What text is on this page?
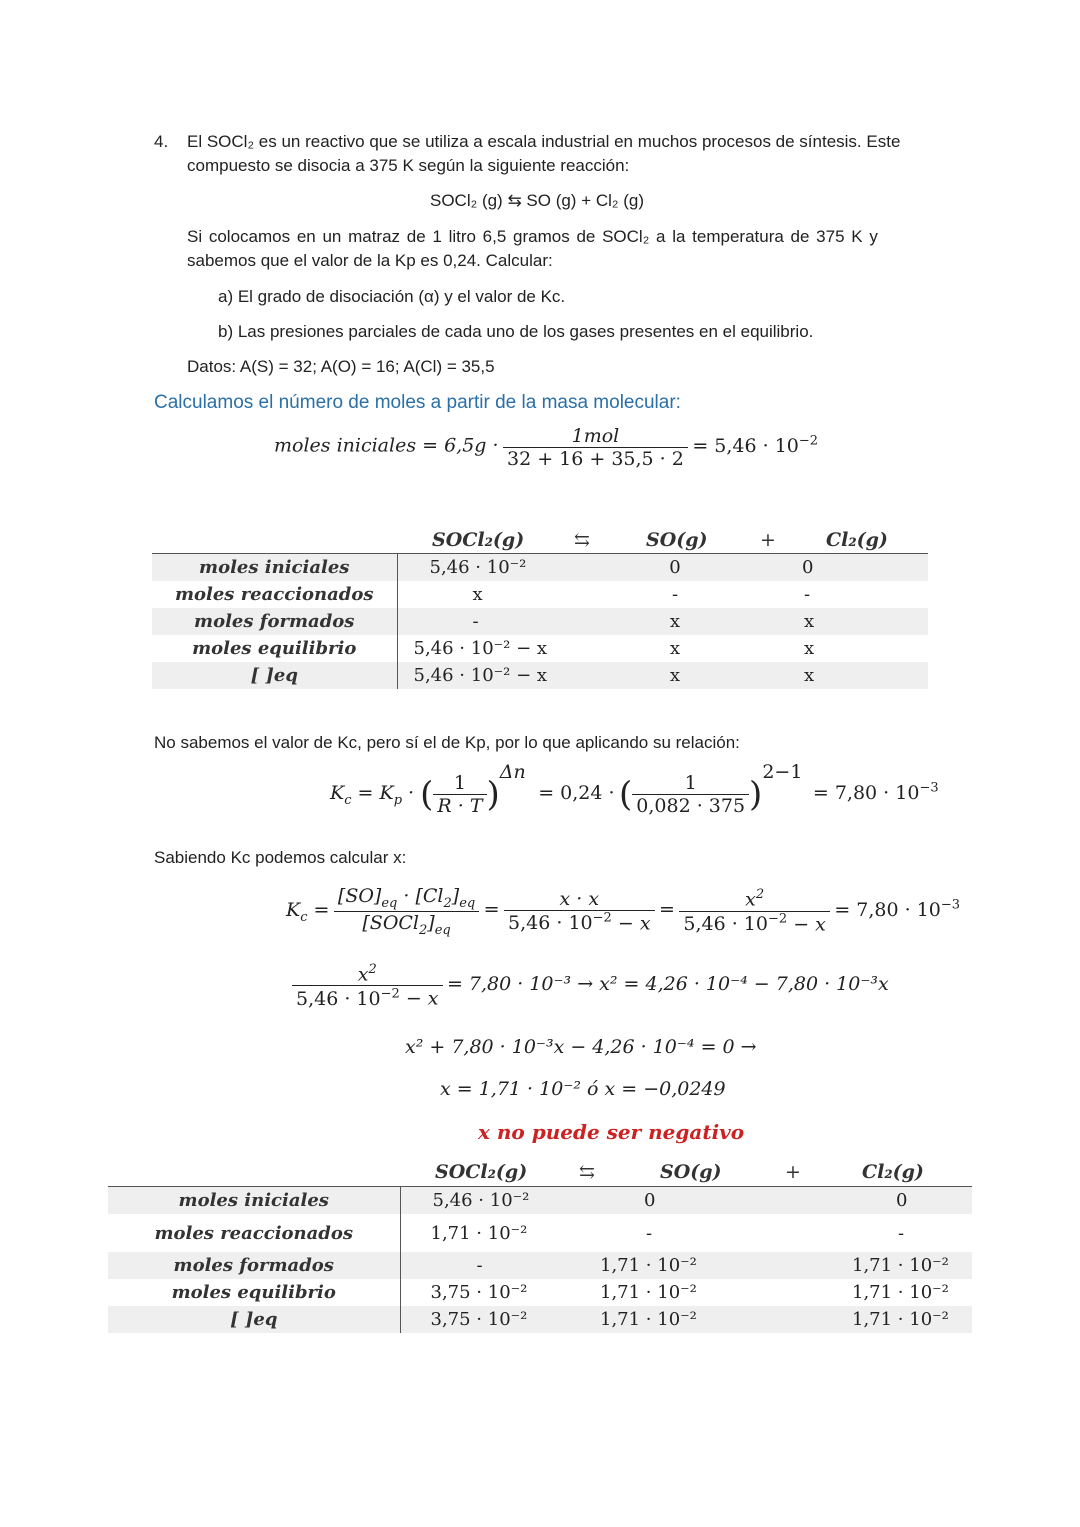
4. El SOCl₂ es un reactivo que se utiliza a escala industrial en muchos procesos de síntesis. Este
compuesto se disocia a 375 K según la siguiente reacción:
SOCl₂ (g) ⇆ SO (g) + Cl₂ (g)
Si colocamos en un matraz de 1 litro 6,5 gramos de SOCl₂ a la temperatura de 375 K y
sabemos que el valor de la Kp es 0,24. Calcular:
a) El grado de disociación (α) y el valor de Kc.
b) Las presiones parciales de cada uno de los gases presentes en el equilibrio.
Datos: A(S) = 32; A(O) = 16; A(Cl) = 35,5
Calculamos el número de moles a partir de la masa molecular:
moles iniciales = $6,5g \cdot \frac{\text{1mol}}{32 + 16 + 35,5 \cdot 2} = 5,46 \cdot 10^{-2}$
SOCl₂(g)	⇆	SO(g)	+	Cl₂(g)
moles iniciales	5,46 · 10⁻²	0	0
moles reaccionados	x	-	-
moles formados	-	x	x
moles equilibrio	5,46 · 10⁻² − x	x	x
[ ]eq	5,46 · 10⁻² − x	x	x
No sabemos el valor de Kc, pero sí el de Kp, por lo que aplicando su relación:
$K_c = K_p$ · ( $\frac{1}{R \cdot T} )^{\Delta n} = 0,24$ · ( $\frac{1}{0,082 \cdot 375} )^{2-1} = 7,80 \cdot 10^{-3}$
Sabiendo Kc podemos calcular x:
$K_c = \frac{[SO]_{eq} \cdot [Cl_2]_{eq}}{[SOCl_2]_{eq}} = \frac{x \cdot x}{5,46 \cdot 10^{-2} - x} = \frac{x^2}{5,46 \cdot 10^{-2} - x} = 7,80 \cdot 10^{-3}$
$\frac{x^2}{5,46 \cdot 10^{-2} - x} = 7,80 \cdot 10^{-3} \to x^2 = 4,26 \cdot 10^{-4} - 7,80 \cdot 10^{-3}x$
x² + 7,80 · 10⁻³x − 4,26 · 10⁻⁴ = 0 →
x = 1,71 · 10⁻² ó x = −0,0249
x no puede ser negativo
SOCl₂(g)	⇆	SO(g)	+	Cl₂(g)
moles iniciales	5,46 · 10⁻²	0	0
moles reaccionados	1,71 · 10⁻²	-	-
moles formados	-	1,71 · 10⁻²	1,71 · 10⁻²
moles equilibrio	3,75 · 10⁻²	1,71 · 10⁻²	1,71 · 10⁻²
[ ]eq	3,75 · 10⁻²	1,71 · 10⁻²	1,71 · 10⁻²
